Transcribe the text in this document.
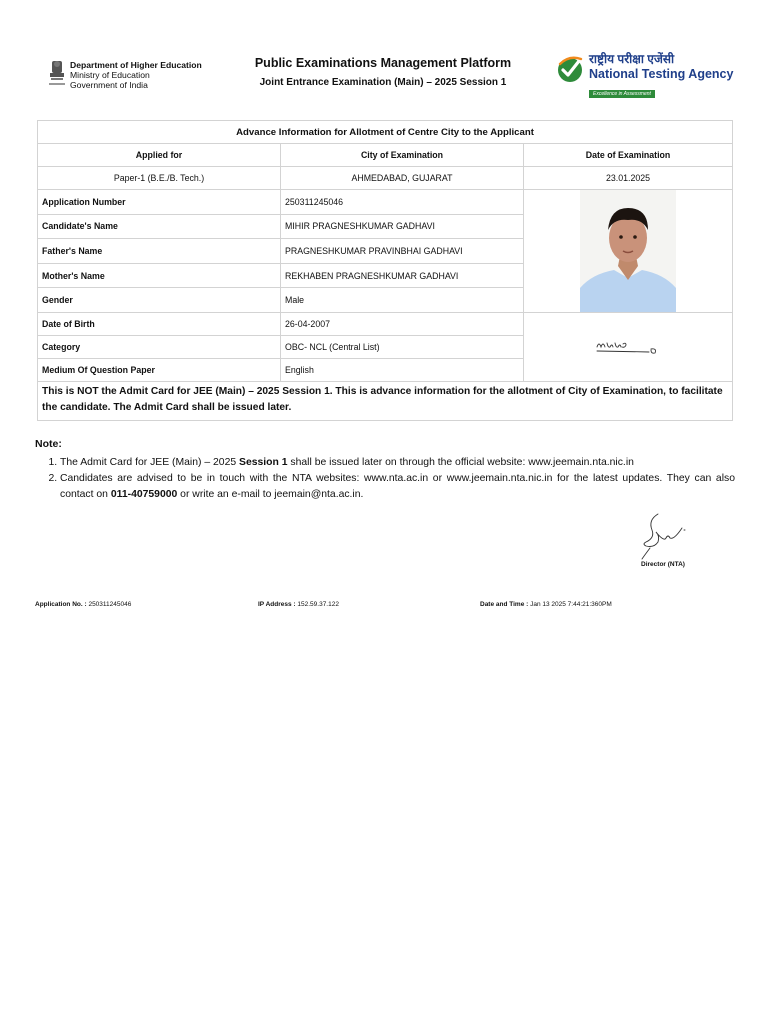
Department of Higher Education
Ministry of Education
Government of India
Public Examinations Management Platform
Joint Entrance Examination (Main) – 2025 Session 1
राष्ट्रीय परीक्षा एजेंसी
National Testing Agency
Excellence in Assessment
Advance Information for Allotment of Centre City to the Applicant		
Applied for	City of Examination	Date of Examination
Paper-1 (B.E./B. Tech.)	AHMEDABAD, GUJARAT	23.01.2025
Application Number	250311245046	

Candidate's Name	MIHIR PRAGNESHKUMAR GADHAVI	
Father's Name	PRAGNESHKUMAR PRAVINBHAI GADHAVI	
Mother's Name	REKHABEN PRAGNESHKUMAR GADHAVI	
Gender	Male	
Date of Birth	26-04-2007	
Category	OBC- NCL (Central List)	
Medium Of Question Paper	English	
This is NOT the Admit Card for JEE (Main) – 2025 Session 1. This is advance information for the allotment of City of Examination, to facilitate the candidate. The Admit Card shall be issued later.		
Note:
1. The Admit Card for JEE (Main) – 2025 Session 1 shall be issued later on through the official website: www.jeemain.nta.nic.in
2. Candidates are advised to be in touch with the NTA websites: www.nta.ac.in or www.jeemain.nta.nic.in for the latest updates. They can also contact on 011-40759000 or write an e-mail to jeemain@nta.ac.in.
Director (NTA)
Application No. : 250311245046	IP Address : 152.59.37.122	Date and Time : Jan 13 2025 7:44:21:360PM
